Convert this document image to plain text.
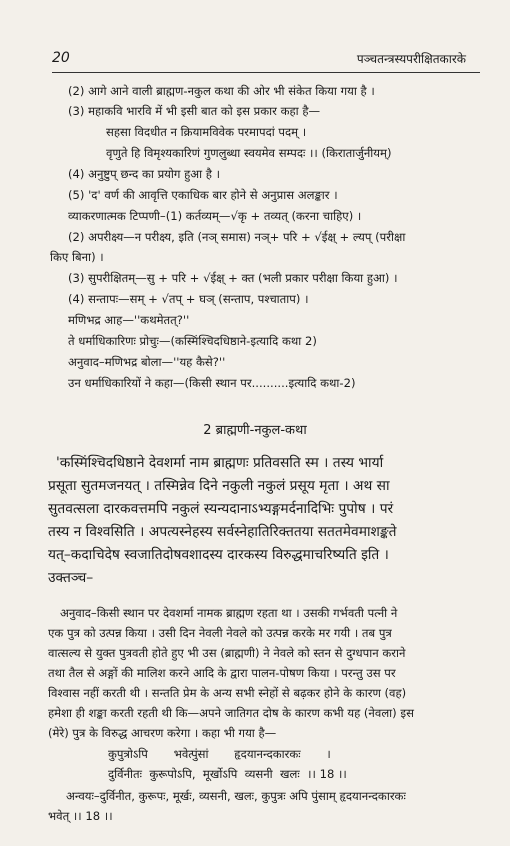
20	पञ्चतन्त्रस्यपरीक्षितकारके
(2) आगे आने वाली ब्राह्मण-नकुल कथा की ओर भी संकेत किया गया है ।
(3) महाकवि भारवि में भी इसी बात को इस प्रकार कहा है—
सहसा विदधीत न क्रियामविवेक परमापदां पदम् ।
वृणुते हि विमृश्यकारिणं गुणलुब्धा स्वयमेव सम्पदः ।। (किरातार्जुनीयम्)
(4) अनुष्टुप् छन्द का प्रयोग हुआ है ।
(5) 'द' वर्ण की आवृत्ति एकाधिक बार होने से अनुप्रास अलङ्कार ।
व्याकरणात्मक टिप्पणी–(1) कर्तव्यम्—√कृ + तव्यत् (करना चाहिए) ।
(2) अपरीक्ष्य—न परीक्ष्य, इति (नञ् समास) नञ्+ परि + √ईक्ष् + ल्यप् (परीक्षा
किए बिना) ।
(3) सुपरीक्षितम्—सु + परि + √ईक्ष् + क्त (भली प्रकार परीक्षा किया हुआ) ।
(4) सन्तापः—सम् + √तप् + घञ् (सन्ताप, पश्चाताप) ।
मणिभद्र आह—''कथमेतत्?''
ते धर्माधिकारिणः प्रोचुः—(कस्मिंश्चिदधिष्ठाने-इत्यादि कथा 2)
अनुवाद–मणिभद्र बोला—''यह कैसे?''
उन धर्माधिकारियों ने कहा—(किसी स्थान पर..........इत्यादि कथा-2)
2 ब्राह्मणी-नकुल-कथा
'कस्मिंश्चिदधिष्ठाने देवशर्मा नाम ब्राह्मणः प्रतिवसति स्म । तस्य भार्या
प्रसूता सुतमजनयत् । तस्मिन्नेव दिने नकुली नकुलं प्रसूय मृता । अथ सा
सुतवत्सला दारकवत्तमपि नकुलं स्यन्यदानाऽभ्यङ्गमर्दनादिभिः पुपोष । परं
तस्य न विश्वसिति । अपत्यस्नेहस्य सर्वस्नेहातिरिक्ततया सततमेवमाशङ्कते
यत्–कदाचिदेष स्वजातिदोषवशादस्य दारकस्य विरुद्धमाचरिष्यति इति ।
उक्तञ्च–
अनुवाद–किसी स्थान पर देवशर्मा नामक ब्राह्मण रहता था । उसकी गर्भवती पत्नी ने
एक पुत्र को उत्पन्न किया । उसी दिन नेवली नेवले को उत्पन्न करके मर गयी । तब पुत्र
वात्सल्य से युक्त पुत्रवती होते हुए भी उस (ब्राह्मणी) ने नेवले को स्तन से दुग्धपान कराने
तथा तैल से अङ्गों की मालिश करने आदि के द्वारा पालन-पोषण किया । परन्तु उस पर
विश्वास नहीं करती थी । सन्तति प्रेम के अन्य सभी स्नेहों से बढ़कर होने के कारण (वह)
हमेशा ही शङ्का करती रहती थी कि—अपने जातिगत दोष के कारण कभी यह (नेवला) इस
(मेरे) पुत्र के विरुद्ध आचरण करेगा । कहा भी गया है—
कुपुत्रोऽपि       भवेत्पुंसां       हृदयानन्दकारकः       ।
दुर्विनीतः  कुरूपोऽपि,  मूर्खोऽपि  व्यसनी  खलः  ।। 18 ।।
अन्वयः–दुर्विनीत, कुरूपः, मूर्खः, व्यसनी, खलः, कुपुत्रः अपि पुंसाम् हृदयानन्दकारकः
भवेत् ।। 18 ।।
